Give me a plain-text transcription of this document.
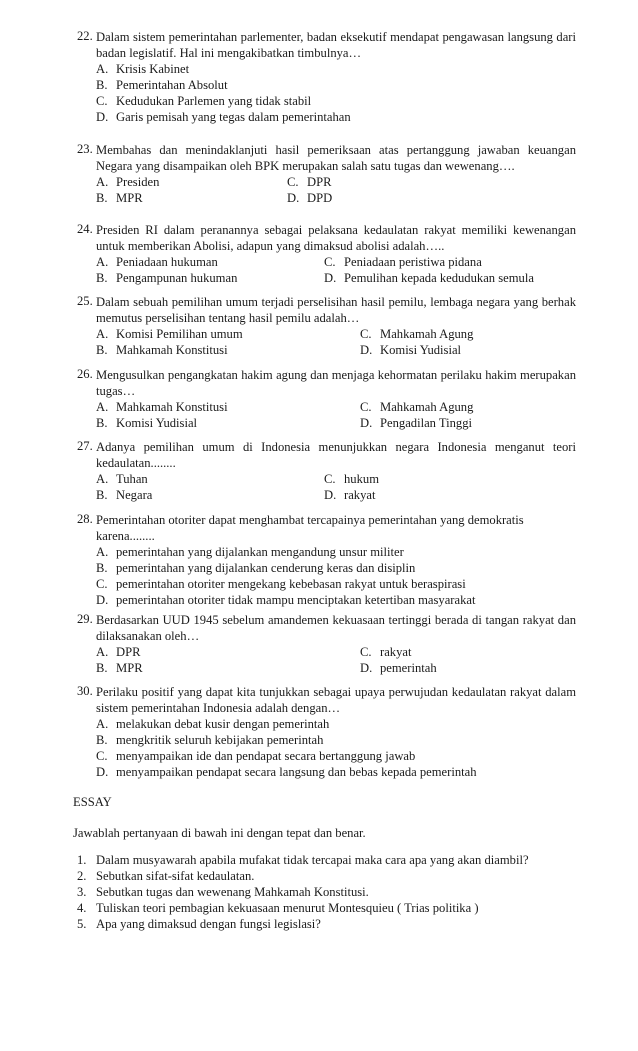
22. Dalam sistem pemerintahan parlementer, badan eksekutif mendapat pengawasan langsung dari badan legislatif. Hal ini mengakibatkan timbulnya…
A. Krisis Kabinet
B. Pemerintahan Absolut
C. Kedudukan Parlemen yang tidak stabil
D. Garis pemisah yang tegas dalam pemerintahan
23. Membahas dan menindaklanjuti hasil pemeriksaan atas pertanggung jawaban keuangan Negara yang disampaikan oleh BPK merupakan salah satu tugas dan wewenang….
A. Presiden	C. DPR
B. MPR	D. DPD
24. Presiden RI dalam peranannya sebagai pelaksana kedaulatan rakyat memiliki kewenangan untuk memberikan Abolisi, adapun yang dimaksud abolisi adalah…..
A. Peniadaan hukuman	C. Peniadaan peristiwa pidana
B. Pengampunan hukuman	D. Pemulihan kepada kedudukan semula
25. Dalam sebuah pemilihan umum terjadi perselisihan hasil pemilu, lembaga negara yang berhak memutus perselisihan tentang hasil pemilu adalah…
A. Komisi Pemilihan umum	C. Mahkamah Agung
B. Mahkamah Konstitusi	D. Komisi Yudisial
26. Mengusulkan pengangkatan hakim agung dan menjaga kehormatan perilaku hakim merupakan tugas…
A. Mahkamah Konstitusi	C. Mahkamah Agung
B. Komisi Yudisial	D. Pengadilan Tinggi
27. Adanya pemilihan umum di Indonesia menunjukkan negara Indonesia menganut teori kedaulatan........
A. Tuhan	C. hukum
B. Negara	D. rakyat
28. Pemerintahan otoriter dapat menghambat tercapainya pemerintahan yang demokratis karena........
A. pemerintahan yang dijalankan mengandung unsur militer
B. pemerintahan yang dijalankan cenderung keras dan disiplin
C. pemerintahan otoriter mengekang kebebasan rakyat untuk beraspirasi
D. pemerintahan otoriter tidak mampu menciptakan ketertiban masyarakat
29. Berdasarkan UUD 1945 sebelum amandemen kekuasaan tertinggi berada di tangan rakyat dan dilaksanakan oleh…
A. DPR	C. rakyat
B. MPR	D. pemerintah
30. Perilaku positif yang dapat kita tunjukkan sebagai upaya perwujudan kedaulatan rakyat dalam sistem pemerintahan Indonesia adalah dengan…
A. melakukan debat kusir dengan pemerintah
B. mengkritik seluruh kebijakan pemerintah
C. menyampaikan ide dan pendapat secara bertanggung jawab
D. menyampaikan pendapat secara langsung dan bebas kepada pemerintah
ESSAY
Jawablah pertanyaan di bawah ini dengan tepat dan benar.
1. Dalam musyawarah apabila mufakat tidak tercapai maka cara apa yang akan diambil?
2. Sebutkan sifat-sifat kedaulatan.
3. Sebutkan tugas dan wewenang Mahkamah Konstitusi.
4. Tuliskan teori pembagian kekuasaan menurut Montesquieu ( Trias politika )
5. Apa yang dimaksud dengan fungsi legislasi?
